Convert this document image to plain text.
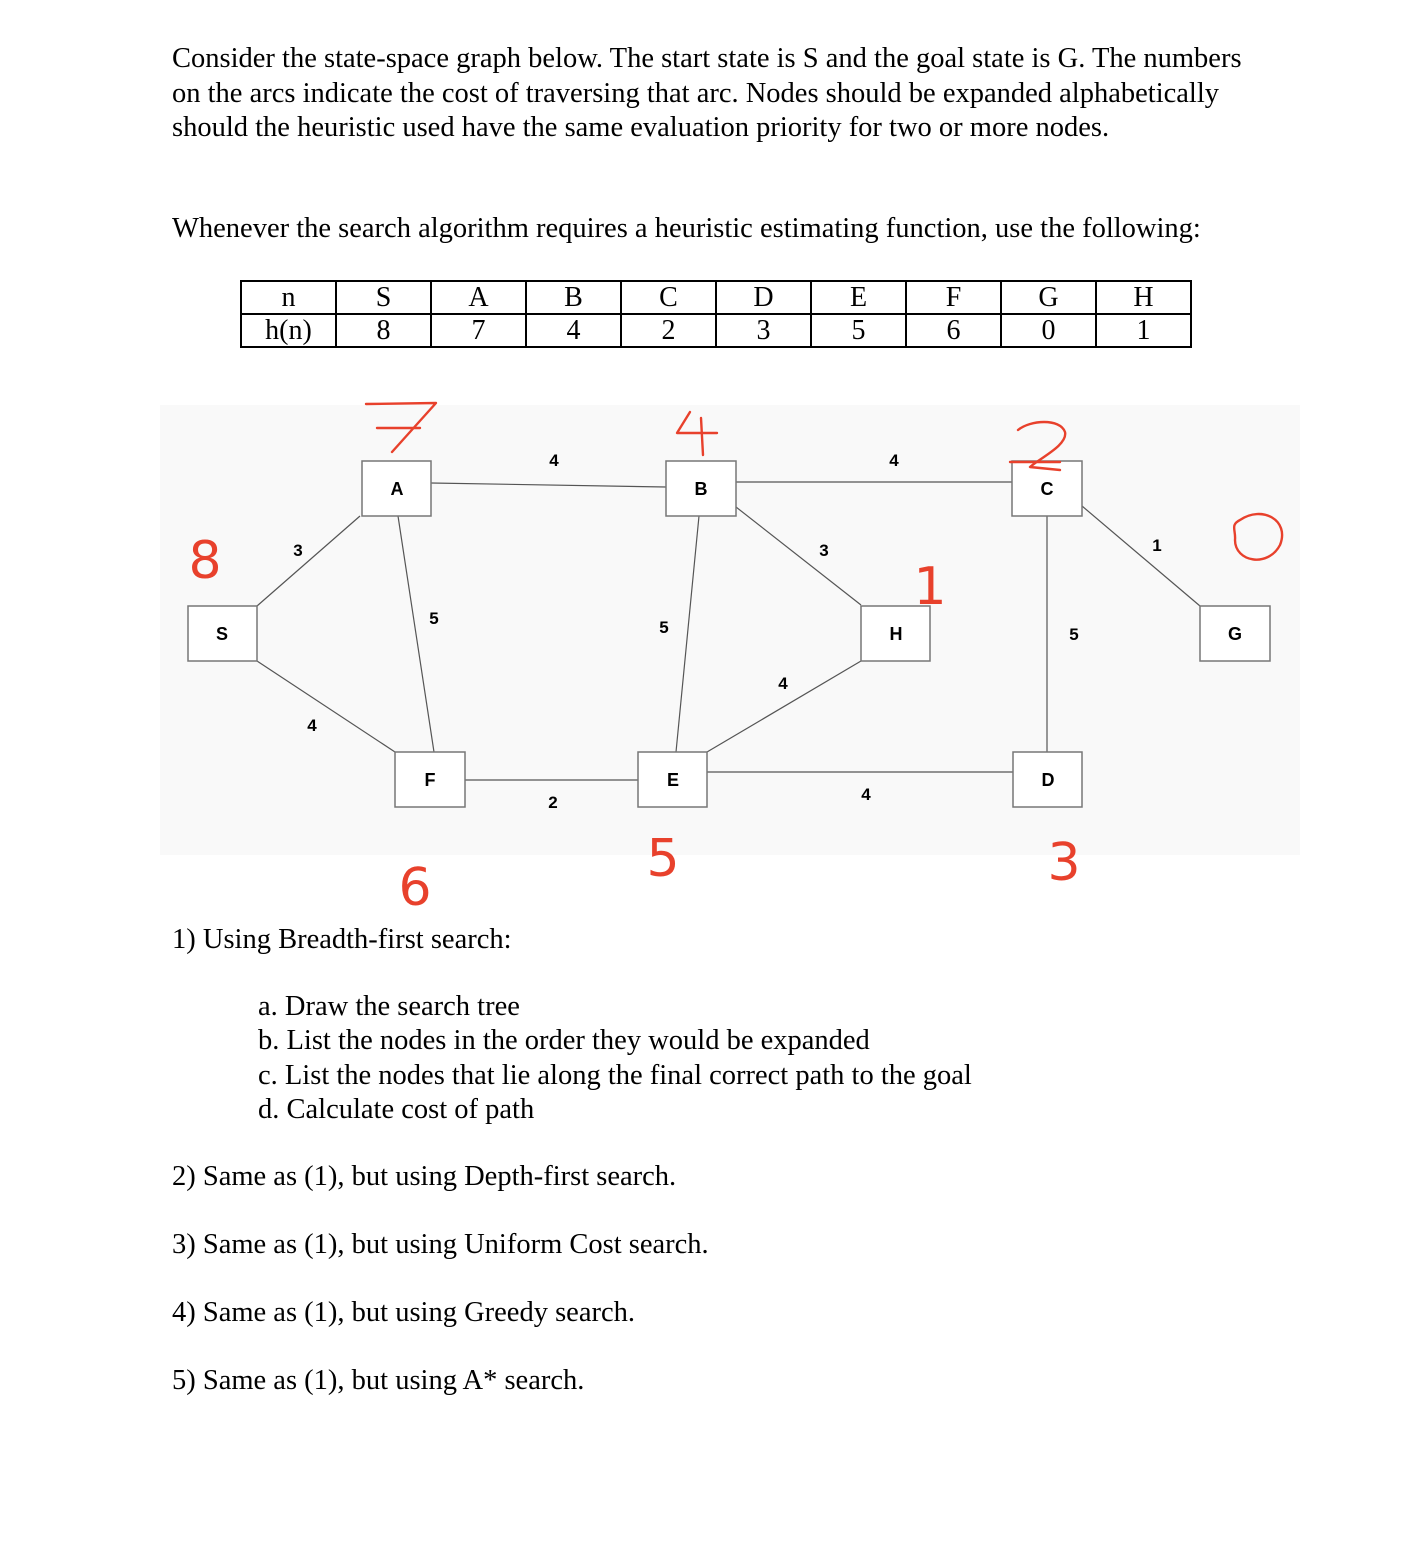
Consider the state-space graph below. The start state is S and the goal state is G. The numbers
on the arcs indicate the cost of traversing that arc. Nodes should be expanded alphabetically
should the heuristic used have the same evaluation priority for two or more nodes.

Whenever the search algorithm requires a heuristic estimating function, use the following:

n	S	A	B	C	D	E	F	G	H
h(n)	8	7	4	2	3	5	6	0	1
3
4
4
5
2
5
3
4
4
4
5
1
S
A	B	C
H	G
F	E	D
8	1
6	5	3

1) Using Breadth-first search:

a. Draw the search tree

b. List the nodes in the order they would be expanded

c. List the nodes that lie along the final correct path to the goal

d. Calculate cost of path

2) Same as (1), but using Depth-first search.

3) Same as (1), but using Uniform Cost search.

4) Same as (1), but using Greedy search.

5) Same as (1), but using A* search.
